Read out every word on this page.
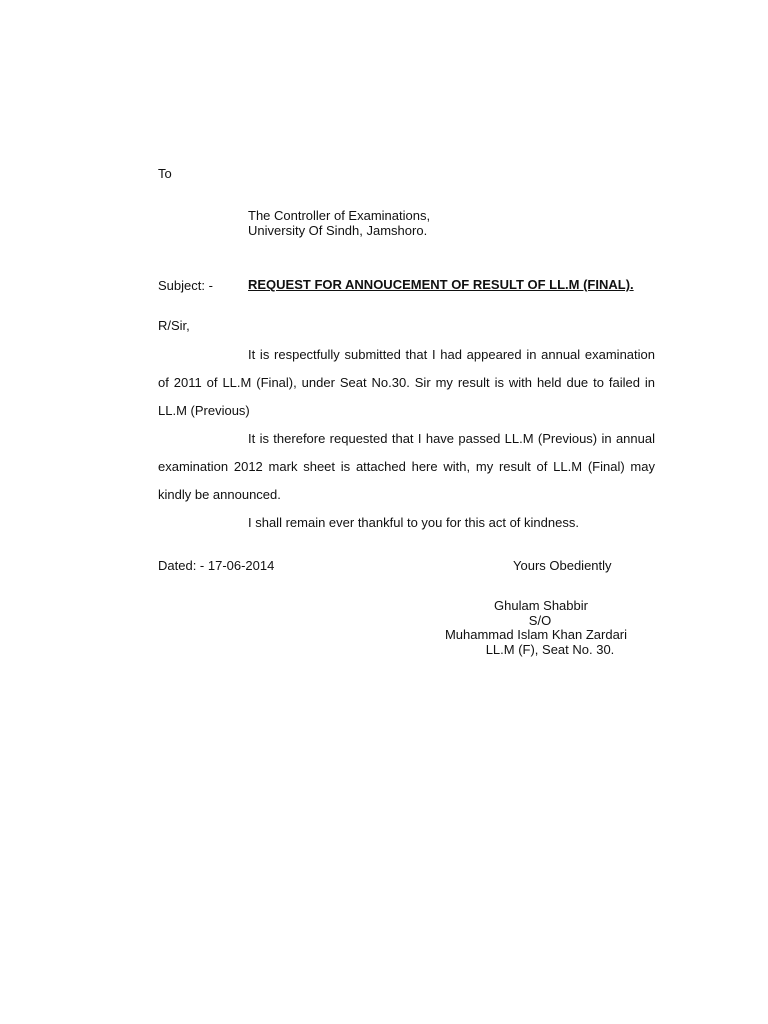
To
The Controller of Examinations,
University Of Sindh, Jamshoro.
Subject: -	REQUEST FOR ANNOUCEMENT OF RESULT OF LL.M (FINAL).
R/Sir,

It is respectfully submitted that I had appeared in annual examination of 2011 of LL.M (Final), under Seat No.30. Sir my result is with held due to failed in LL.M (Previous)

It is therefore requested that I have passed LL.M (Previous) in annual examination 2012 mark sheet is attached here with, my result of LL.M (Final) may kindly be announced.

I shall remain ever thankful to you for this act of kindness.

Dated: - 17-06-2014	Yours Obediently
Ghulam Shabbir
S/O
Muhammad Islam Khan Zardari
LL.M (F), Seat No. 30.
